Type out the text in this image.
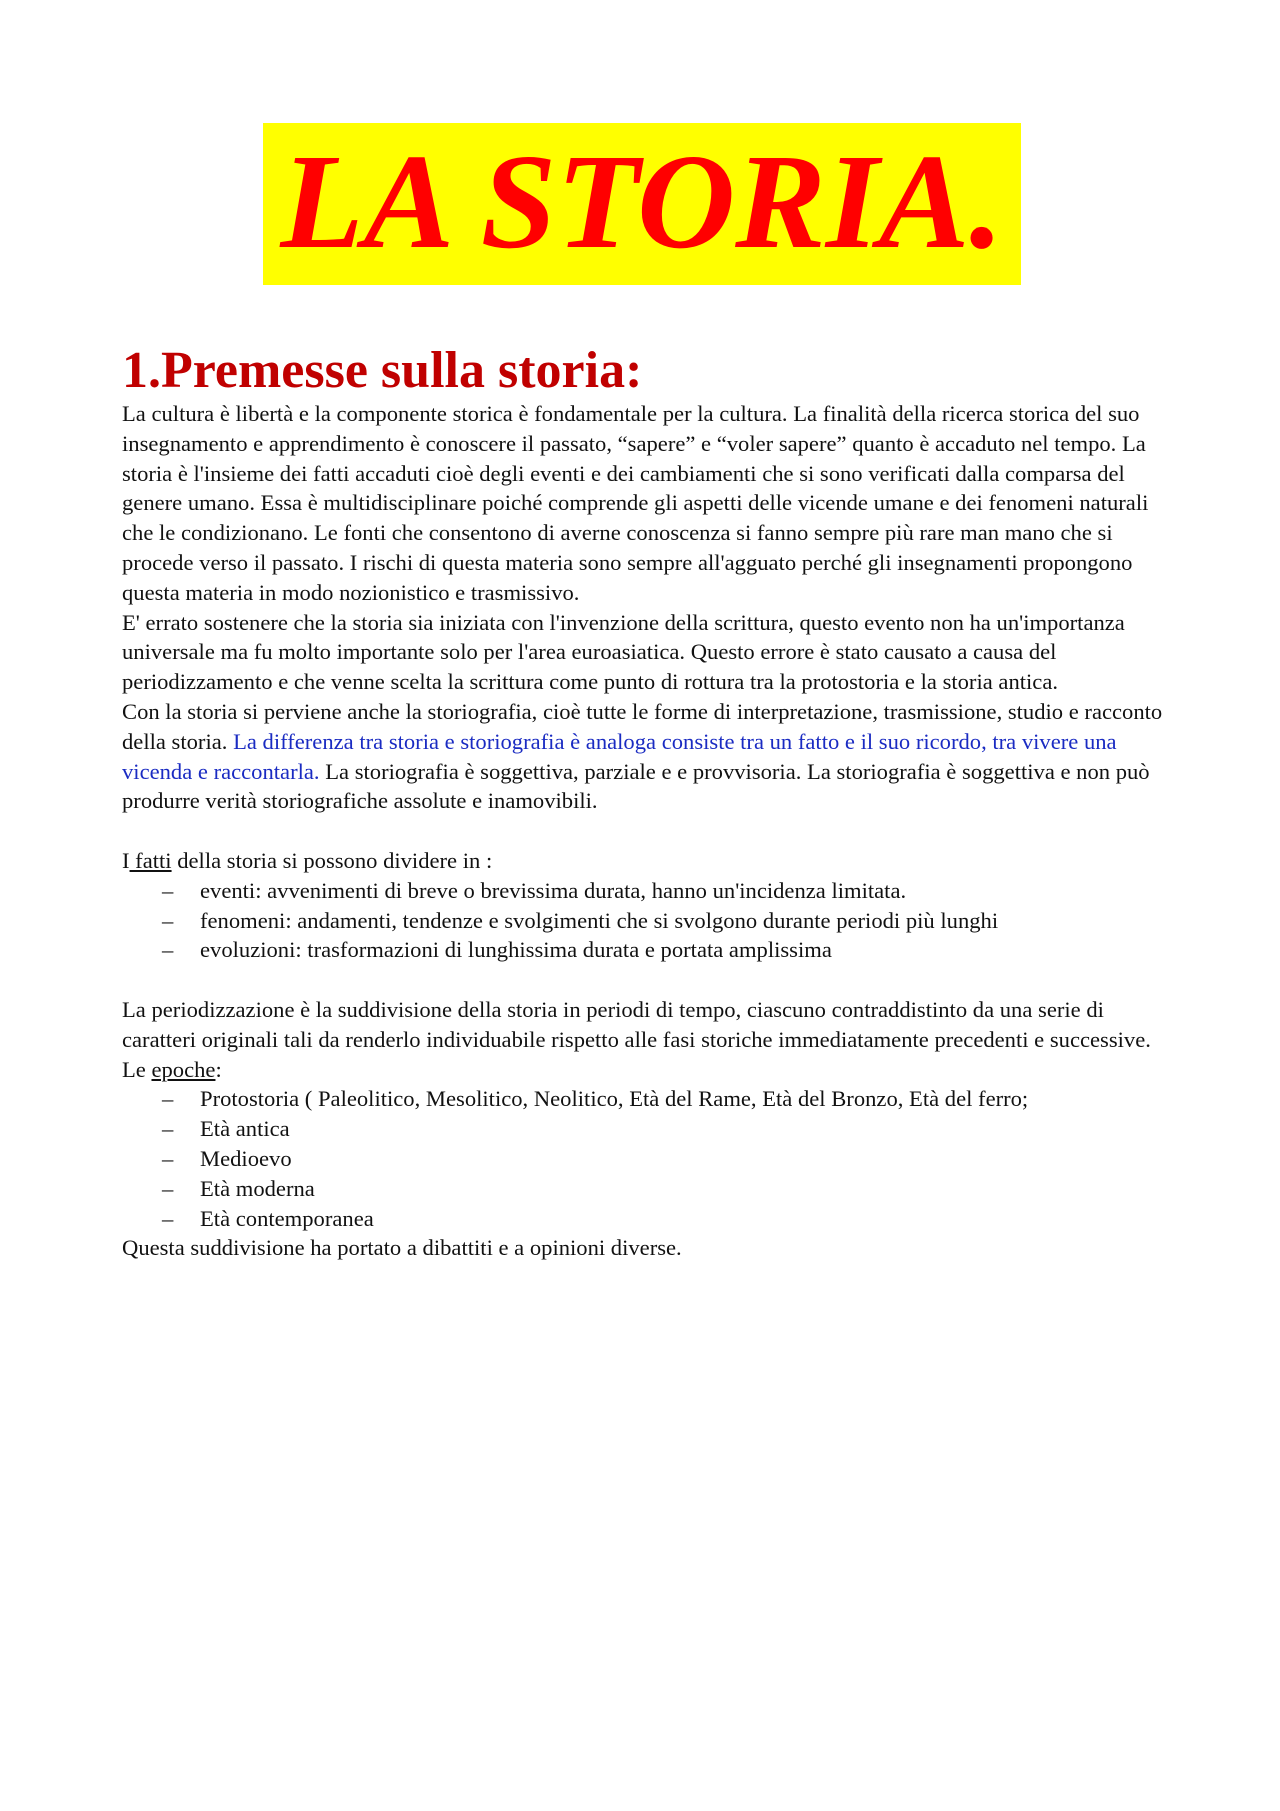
LA STORIA.
1.Premesse sulla storia:

La cultura è libertà e la componente storica è fondamentale per la cultura. La finalità della ricerca storica del suo insegnamento e apprendimento è conoscere il passato, “sapere” e “voler sapere” quanto è accaduto nel tempo. La storia è l'insieme dei fatti accaduti cioè degli eventi e dei cambiamenti che si sono verificati dalla comparsa del genere umano. Essa è multidisciplinare poiché comprende gli aspetti delle vicende umane e dei fenomeni naturali che le condizionano. Le fonti che consentono di averne conoscenza si fanno sempre più rare man mano che si procede verso il passato. I rischi di questa materia sono sempre all'agguato perché gli insegnamenti propongono questa materia in modo nozionistico e trasmissivo.

E' errato sostenere che la storia sia iniziata con l'invenzione della scrittura, questo evento non ha un'importanza universale ma fu molto importante solo per l'area euroasiatica. Questo errore è stato causato a causa del periodizzamento e che venne scelta la scrittura come punto di rottura tra la protostoria e la storia antica.

Con la storia si perviene anche la storiografia, cioè tutte le forme di interpretazione, trasmissione, studio e racconto della storia. La differenza tra storia e storiografia è analoga consiste tra un fatto e il suo ricordo, tra vivere una vicenda e raccontarla. La storiografia è soggettiva, parziale e e provvisoria. La storiografia è soggettiva e non può produrre verità storiografiche assolute e inamovibili.

I fatti della storia si possono dividere in :

– eventi: avvenimenti di breve o brevissima durata, hanno un'incidenza limitata.
– fenomeni: andamenti, tendenze e svolgimenti che si svolgono durante periodi più lunghi
– evoluzioni: trasformazioni di lunghissima durata e portata amplissima

La periodizzazione è la suddivisione della storia in periodi di tempo, ciascuno contraddistinto da una serie di caratteri originali tali da renderlo individuabile rispetto alle fasi storiche immediatamente precedenti e successive.

Le epoche:

– Protostoria ( Paleolitico, Mesolitico, Neolitico, Età del Rame, Età del Bronzo, Età del ferro;
– Età antica
– Medioevo
– Età moderna
– Età contemporanea

Questa suddivisione ha portato a dibattiti e a opinioni diverse.
